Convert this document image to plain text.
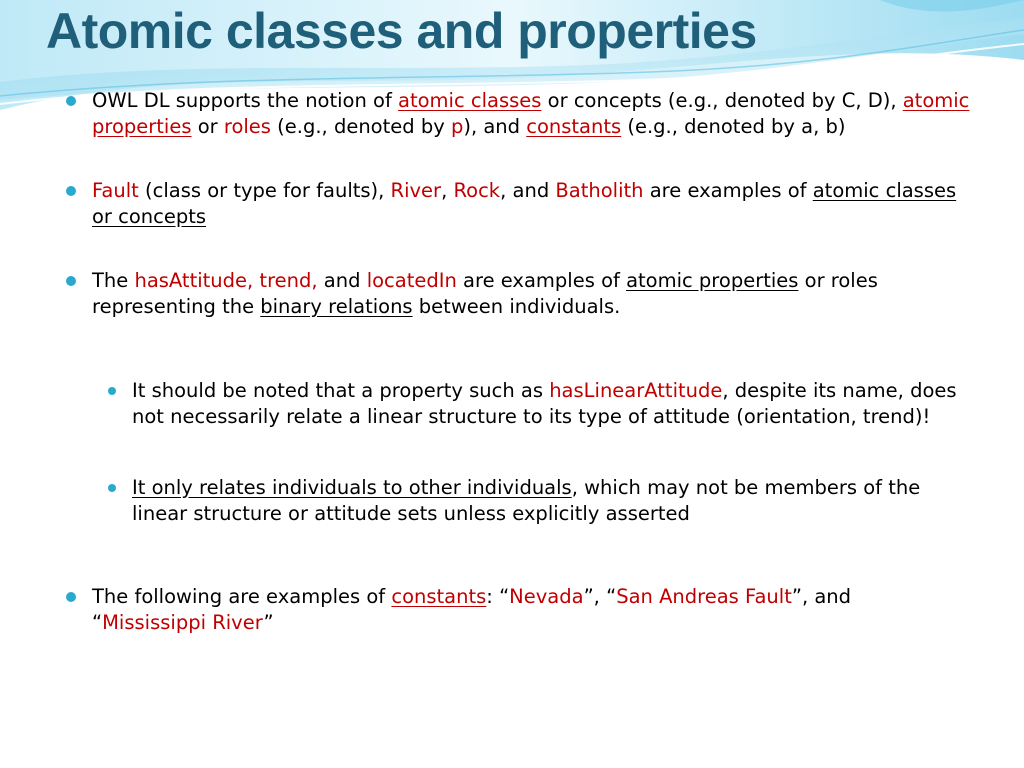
Atomic classes and properties

OWL DL supports the notion of atomic classes or concepts (e.g., denoted by C, D), atomic properties or roles (e.g., denoted by p), and constants (e.g., denoted by a, b)

Fault (class or type for faults), River, Rock, and Batholith are examples of atomic classes or concepts

The hasAttitude, trend, and locatedIn are examples of atomic properties or roles representing the binary relations between individuals.

It should be noted that a property such as hasLinearAttitude, despite its name, does not necessarily relate a linear structure to its type of attitude (orientation, trend)!

It only relates individuals to other individuals, which may not be members of the linear structure or attitude sets unless explicitly asserted

The following are examples of constants: “Nevada”, “San Andreas Fault”, and “Mississippi River”
